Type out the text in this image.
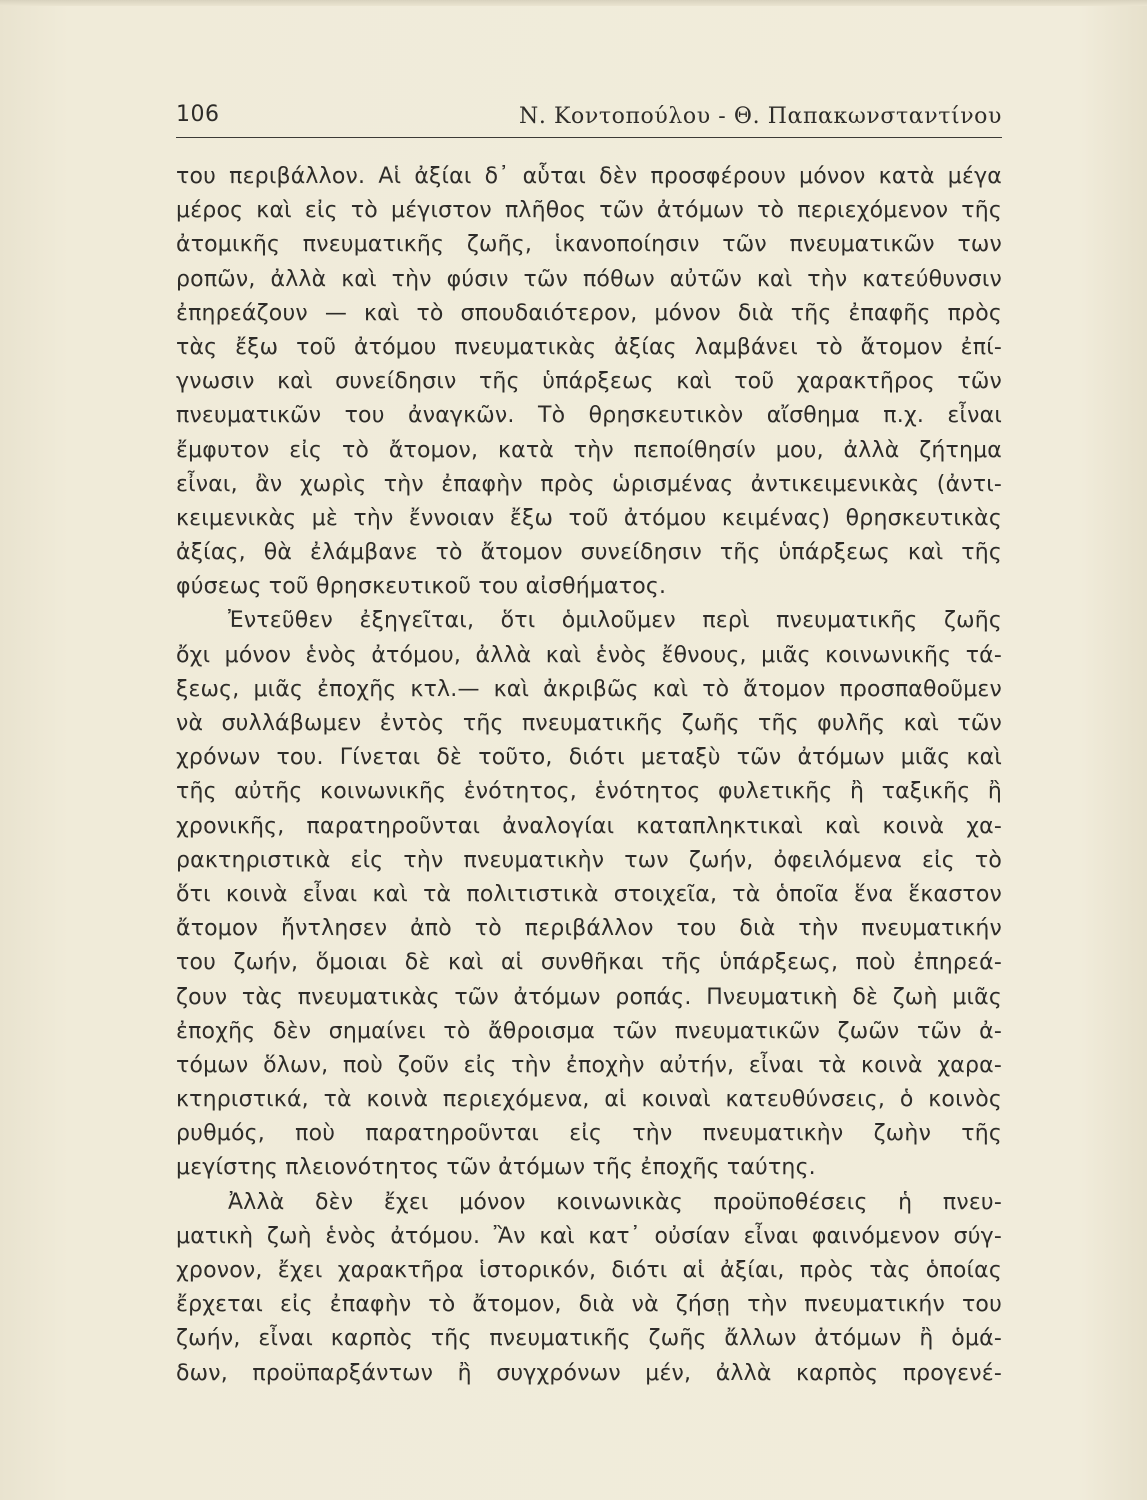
106	Ν. Κοντοπούλου - Θ. Παπακωνσταντίνου
του περιβάλλον. Αἱ ἀξίαι δ᾿ αὗται δὲν προσφέρουν μόνον κατὰ μέγα
μέρος καὶ εἰς τὸ μέγιστον πλῆθος τῶν ἀτόμων τὸ περιεχόμενον τῆς
ἀτομικῆς πνευματικῆς ζωῆς, ἱκανοποίησιν τῶν πνευματικῶν των
ροπῶν, ἀλλὰ καὶ τὴν φύσιν τῶν πόθων αὐτῶν καὶ τὴν κατεύθυνσιν
ἐπηρεάζουν — καὶ τὸ σπουδαιότερον, μόνον διὰ τῆς ἐπαφῆς πρὸς
τὰς ἔξω τοῦ ἀτόμου πνευματικὰς ἀξίας λαμβάνει τὸ ἄτομον ἐπί-
γνωσιν καὶ συνείδησιν τῆς ὑπάρξεως καὶ τοῦ χαρακτῆρος τῶν
πνευματικῶν του ἀναγκῶν. Τὸ θρησκευτικὸν αἴσθημα π.χ. εἶναι
ἔμφυτον εἰς τὸ ἄτομον, κατὰ τὴν πεποίθησίν μου, ἀλλὰ ζήτημα
εἶναι, ἂν χωρὶς τὴν ἐπαφὴν πρὸς ὡρισμένας ἀντικειμενικὰς (ἀντι-
κειμενικὰς μὲ τὴν ἔννοιαν ἔξω τοῦ ἀτόμου κειμένας) θρησκευτικὰς
ἀξίας, θὰ ἐλάμβανε τὸ ἄτομον συνείδησιν τῆς ὑπάρξεως καὶ τῆς
φύσεως τοῦ θρησκευτικοῦ του αἰσθήματος.
Ἐντεῦθεν ἐξηγεῖται, ὅτι ὁμιλοῦμεν περὶ πνευματικῆς ζωῆς
ὄχι μόνον ἑνὸς ἀτόμου, ἀλλὰ καὶ ἑνὸς ἔθνους, μιᾶς κοινωνικῆς τά-
ξεως, μιᾶς ἐποχῆς κτλ.— καὶ ἀκριβῶς καὶ τὸ ἄτομον προσπαθοῦμεν
νὰ συλλάβωμεν ἐντὸς τῆς πνευματικῆς ζωῆς τῆς φυλῆς καὶ τῶν
χρόνων του. Γίνεται δὲ τοῦτο, διότι μεταξὺ τῶν ἀτόμων μιᾶς καὶ
τῆς αὐτῆς κοινωνικῆς ἑνότητος, ἑνότητος φυλετικῆς ἢ ταξικῆς ἢ
χρονικῆς, παρατηροῦνται ἀναλογίαι καταπληκτικαὶ καὶ κοινὰ χα-
ρακτηριστικὰ εἰς τὴν πνευματικὴν των ζωήν, ὀφειλόμενα εἰς τὸ
ὅτι κοινὰ εἶναι καὶ τὰ πολιτιστικὰ στοιχεῖα, τὰ ὁποῖα ἕνα ἕκαστον
ἄτομον ἤντλησεν ἀπὸ τὸ περιβάλλον του διὰ τὴν πνευματικήν
του ζωήν, ὅμοιαι δὲ καὶ αἱ συνθῆκαι τῆς ὑπάρξεως, ποὺ ἐπηρεά-
ζουν τὰς πνευματικὰς τῶν ἀτόμων ροπάς. Πνευματικὴ δὲ ζωὴ μιᾶς
ἐποχῆς δὲν σημαίνει τὸ ἄθροισμα τῶν πνευματικῶν ζωῶν τῶν ἀ-
τόμων ὅλων, ποὺ ζοῦν εἰς τὴν ἐποχὴν αὐτήν, εἶναι τὰ κοινὰ χαρα-
κτηριστικά, τὰ κοινὰ περιεχόμενα, αἱ κοιναὶ κατευθύνσεις, ὁ κοινὸς
ρυθμός, ποὺ παρατηροῦνται εἰς τὴν πνευματικὴν ζωὴν τῆς
μεγίστης πλειονότητος τῶν ἀτόμων τῆς ἐποχῆς ταύτης.
Ἀλλὰ δὲν ἔχει μόνον κοινωνικὰς προϋποθέσεις ἡ πνευ-
ματικὴ ζωὴ ἑνὸς ἀτόμου. Ἂν καὶ κατ᾿ οὐσίαν εἶναι φαινόμενον σύγ-
χρονον, ἔχει χαρακτῆρα ἱστορικόν, διότι αἱ ἀξίαι, πρὸς τὰς ὁποίας
ἔρχεται εἰς ἐπαφὴν τὸ ἄτομον, διὰ νὰ ζήσῃ τὴν πνευματικήν του
ζωήν, εἶναι καρπὸς τῆς πνευματικῆς ζωῆς ἄλλων ἀτόμων ἢ ὁμά-
δων, προϋπαρξάντων ἢ συγχρόνων μέν, ἀλλὰ καρπὸς προγενέ-
